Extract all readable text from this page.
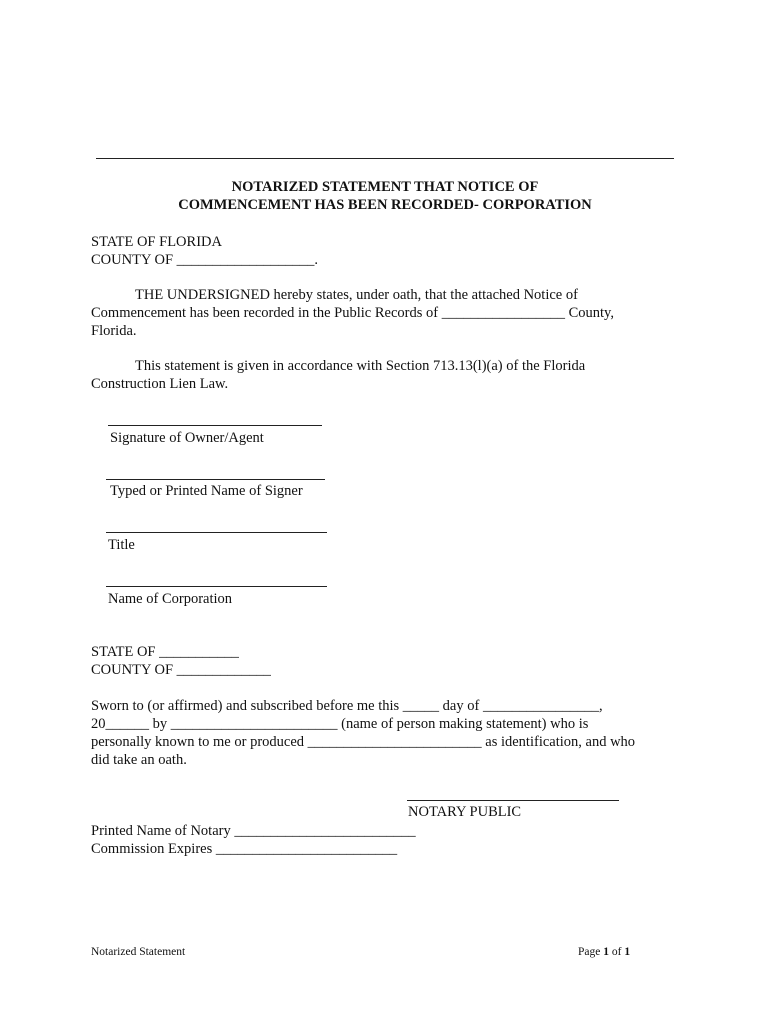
NOTARIZED STATEMENT THAT NOTICE OF
COMMENCEMENT HAS BEEN RECORDED- CORPORATION
STATE OF FLORIDA
COUNTY OF ___________________.
THE UNDERSIGNED hereby states, under oath, that the attached Notice of
Commencement has been recorded in the Public Records of _________________ County,
Florida.
This statement is given in accordance with Section 713.13(l)(a) of the Florida
Construction Lien Law.
Signature of Owner/Agent
Typed or Printed Name of Signer
Title
Name of Corporation
STATE OF ___________
COUNTY OF _____________
Sworn to (or affirmed) and subscribed before me this _____ day of ________________,
20______ by _______________________ (name of person making statement) who is
personally known to me or produced ________________________ as identification, and who
did take an oath.
NOTARY PUBLIC
Printed Name of Notary _________________________
Commission Expires _________________________
Notarized Statement	Page 1 of 1
